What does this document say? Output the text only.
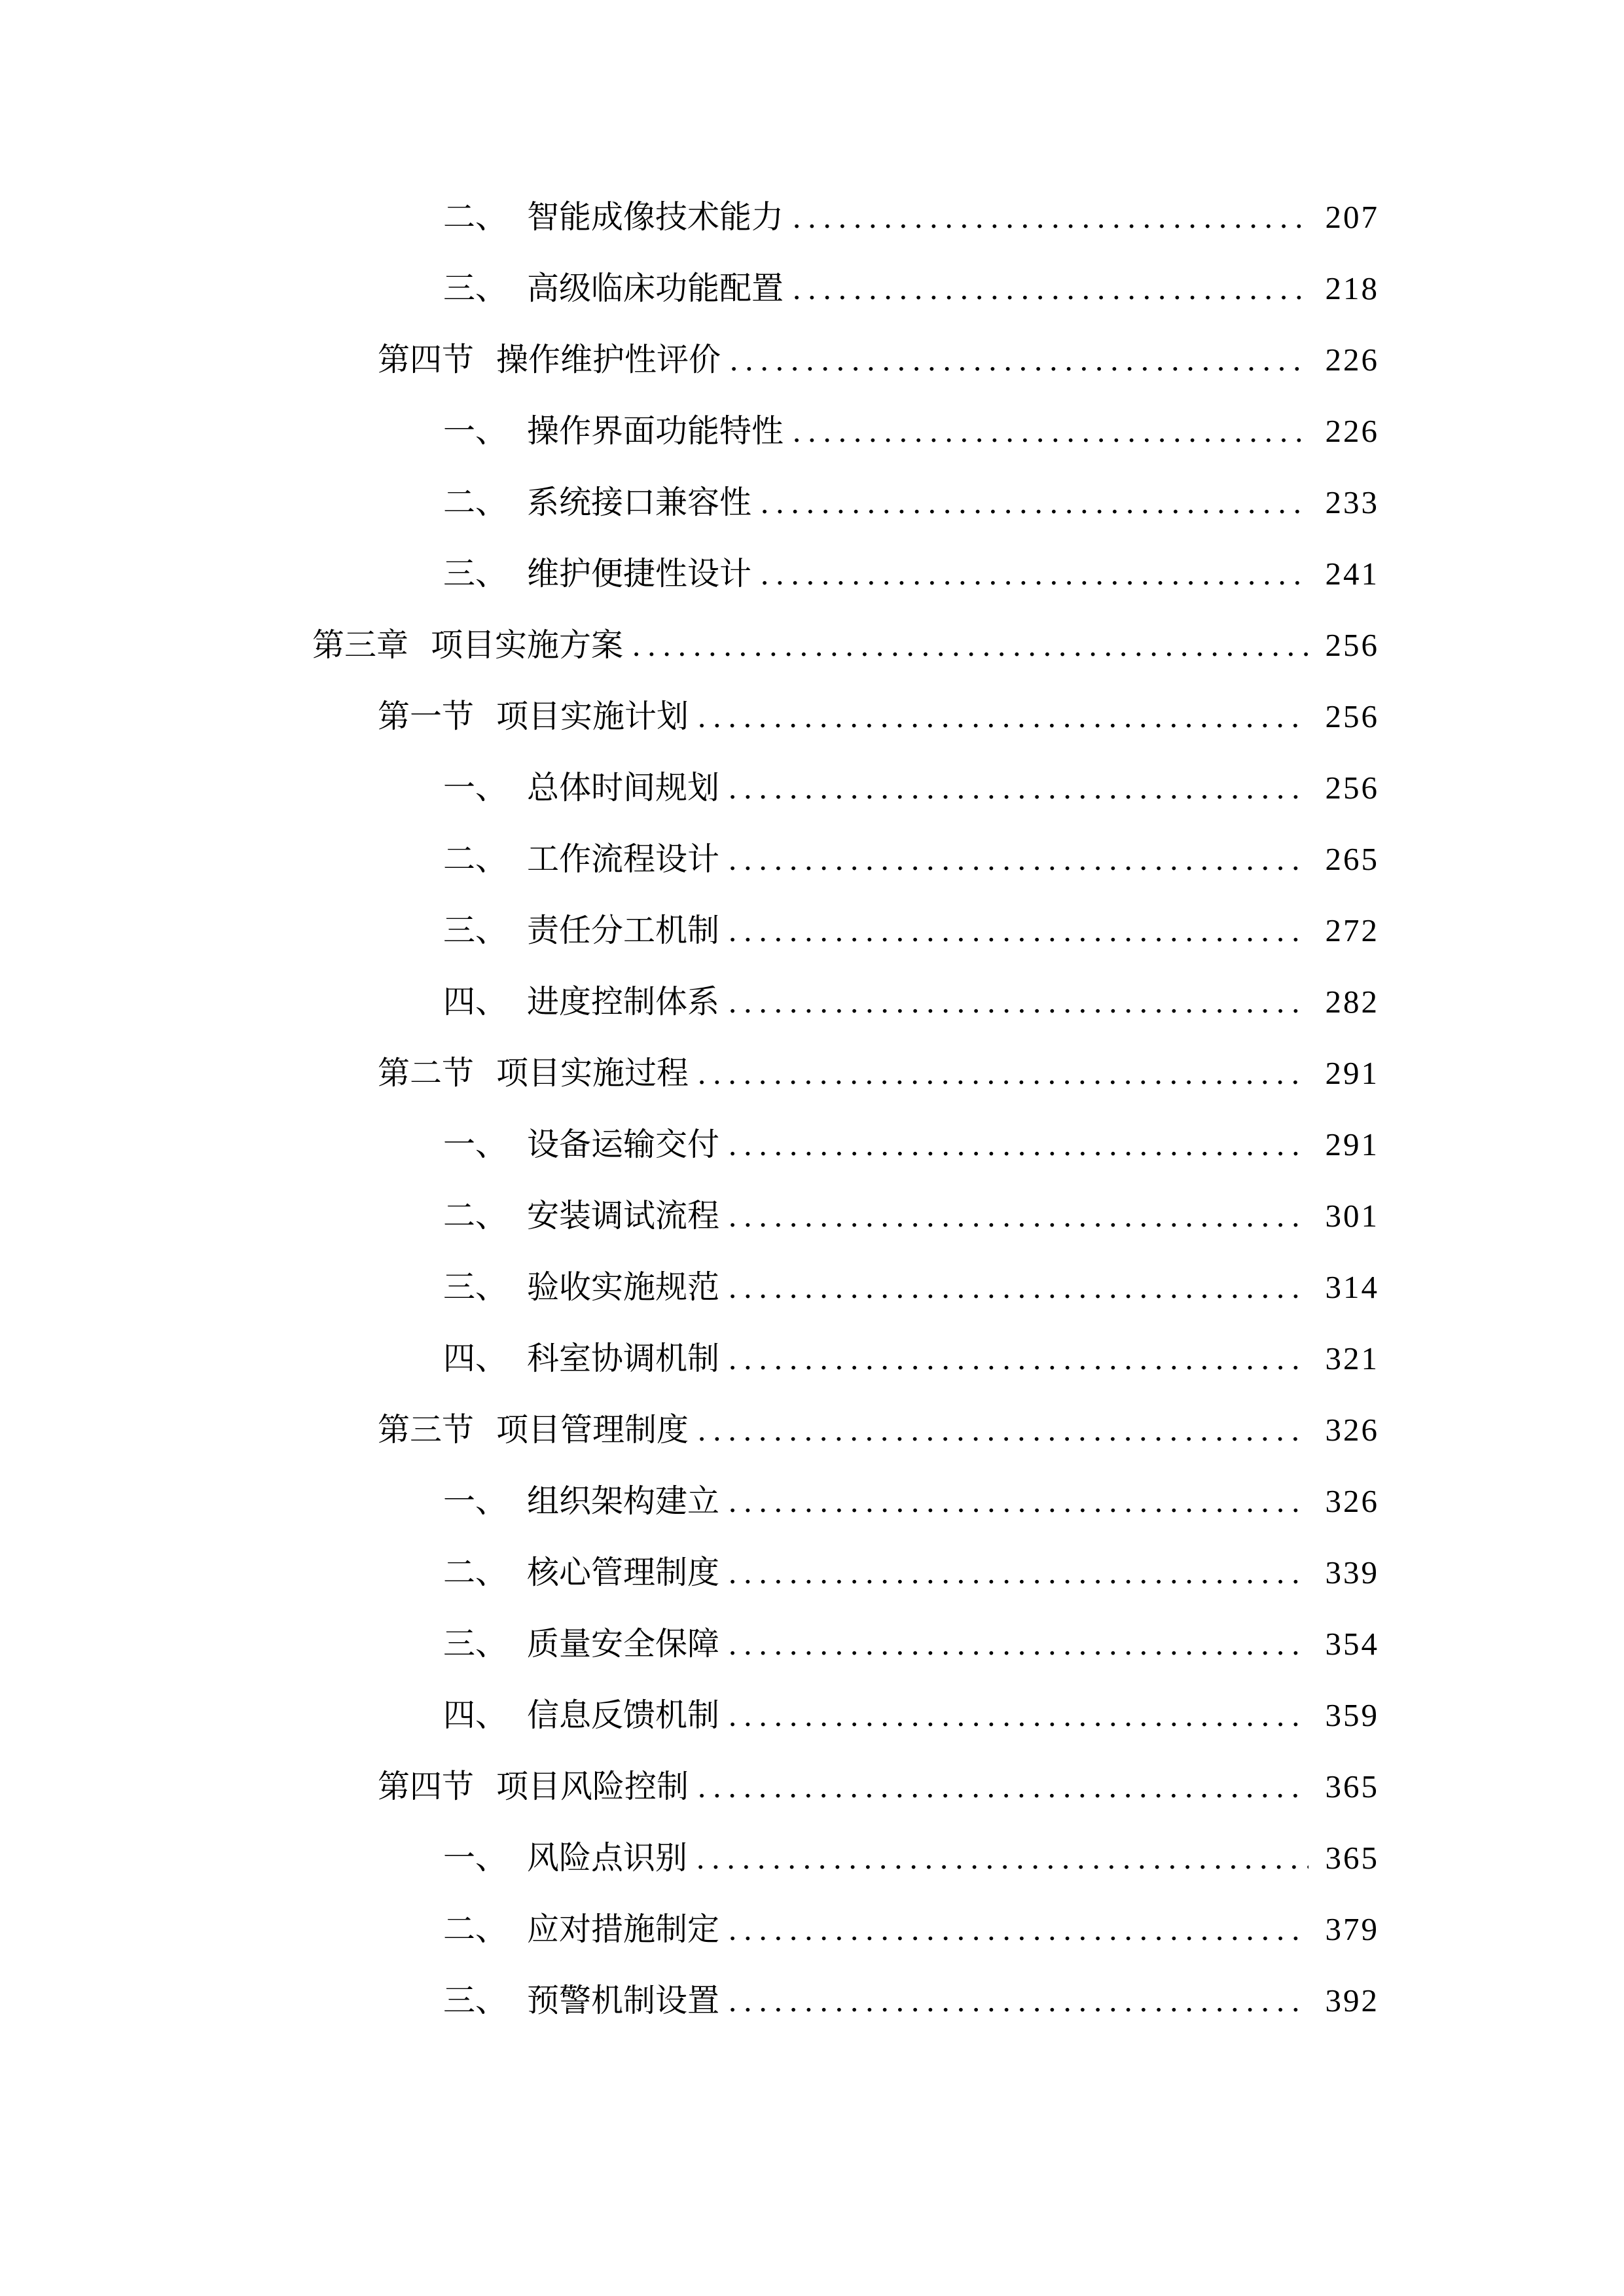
二、 智能成像技术能力 .....	207
三、 高级临床功能配置 .....	218
第四节 操作维护性评价 .....	226
一、 操作界面功能特性 .....	226
二、 系统接口兼容性 .....	233
三、 维护便捷性设计 .....	241
第三章 项目实施方案 .....	256
第一节 项目实施计划 .....	256
一、 总体时间规划 .....	256
二、 工作流程设计 .....	265
三、 责任分工机制 .....	272
四、 进度控制体系 .....	282
第二节 项目实施过程 .....	291
一、 设备运输交付 .....	291
二、 安装调试流程 .....	301
三、 验收实施规范 .....	314
四、 科室协调机制 .....	321
第三节 项目管理制度 .....	326
一、 组织架构建立 .....	326
二、 核心管理制度 .....	339
三、 质量安全保障 .....	354
四、 信息反馈机制 .....	359
第四节 项目风险控制 .....	365
一、 风险点识别 .....	365
二、 应对措施制定 .....	379
三、 预警机制设置 .....	392
